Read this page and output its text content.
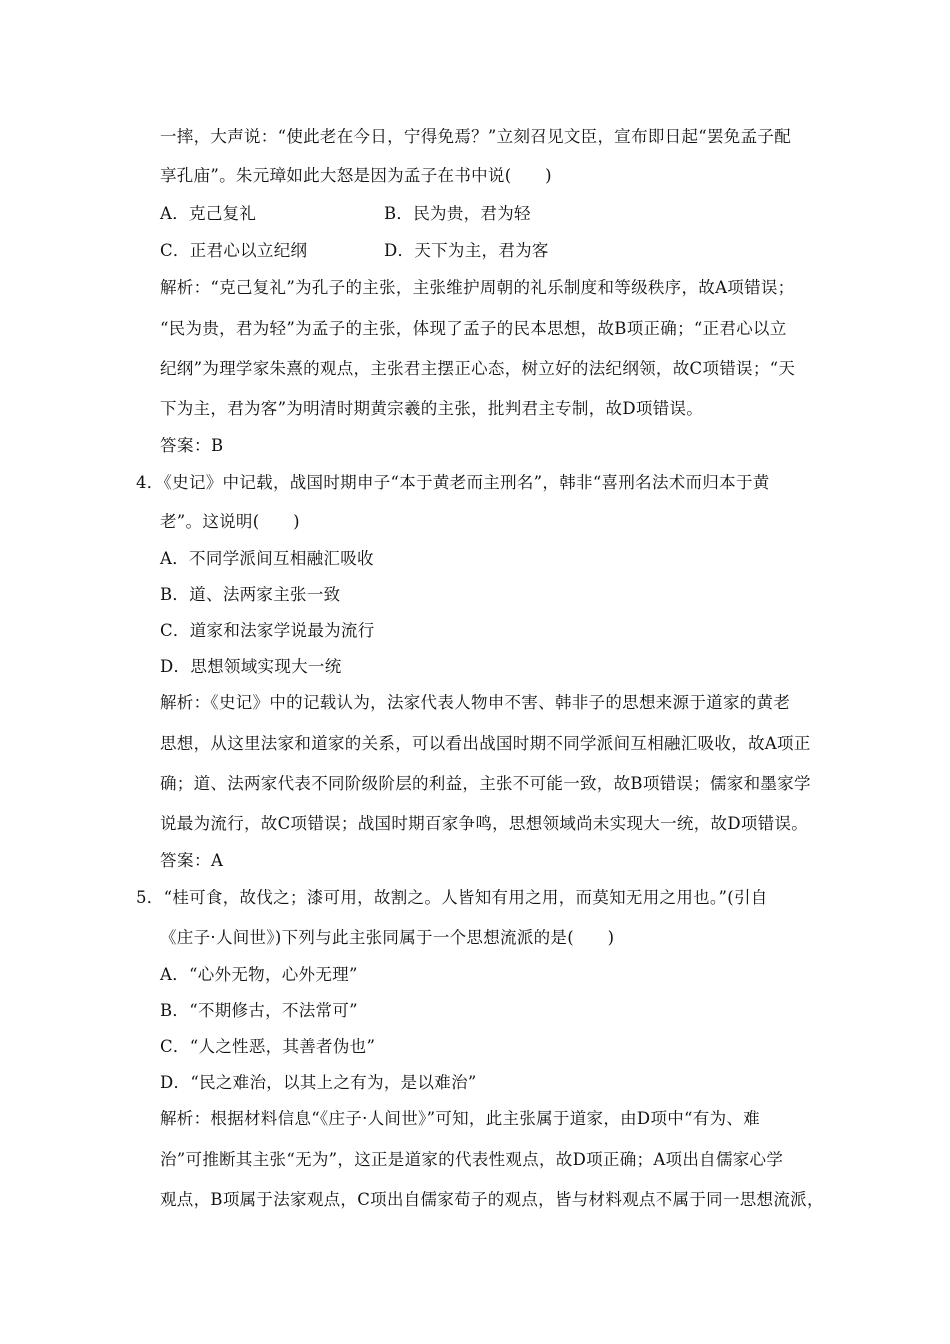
一摔，大声说：“使此老在今日，宁得免焉？”立刻召见文臣，宣布即日起“罢免孟子配
享孔庙”。朱元璋如此大怒是因为孟子在书中说(　　)
A．克己复礼	B．民为贵，君为轻
C．正君心以立纪纲	D．天下为主，君为客
解析：“克己复礼”为孔子的主张，主张维护周朝的礼乐制度和等级秩序，故A项错误；
“民为贵，君为轻”为孟子的主张，体现了孟子的民本思想，故B项正确；“正君心以立
纪纲”为理学家朱熹的观点，主张君主摆正心态，树立好的法纪纲领，故C项错误；“天
下为主，君为客”为明清时期黄宗羲的主张，批判君主专制，故D项错误。
答案：B
4．《史记》中记载，战国时期申子“本于黄老而主刑名”，韩非“喜刑名法术而归本于黄
老”。这说明(　　)
A．不同学派间互相融汇吸收
B．道、法两家主张一致
C．道家和法家学说最为流行
D．思想领域实现大一统
解析：《史记》中的记载认为，法家代表人物申不害、韩非子的思想来源于道家的黄老
思想，从这里法家和道家的关系，可以看出战国时期不同学派间互相融汇吸收，故A项正
确；道、法两家代表不同阶级阶层的利益，主张不可能一致，故B项错误；儒家和墨家学
说最为流行，故C项错误；战国时期百家争鸣，思想领域尚未实现大一统，故D项错误。
答案：A
5．“桂可食，故伐之；漆可用，故割之。人皆知有用之用，而莫知无用之用也。”(引自
《庄子·人间世》)下列与此主张同属于一个思想流派的是(　　)
A．“心外无物，心外无理”
B．“不期修古，不法常可”
C．“人之性恶，其善者伪也”
D．“民之难治，以其上之有为，是以难治”
解析：根据材料信息“《庄子·人间世》”可知，此主张属于道家，由D项中“有为、难
治”可推断其主张“无为”，这正是道家的代表性观点，故D项正确；A项出自儒家心学
观点，B项属于法家观点，C项出自儒家荀子的观点，皆与材料观点不属于同一思想流派，
